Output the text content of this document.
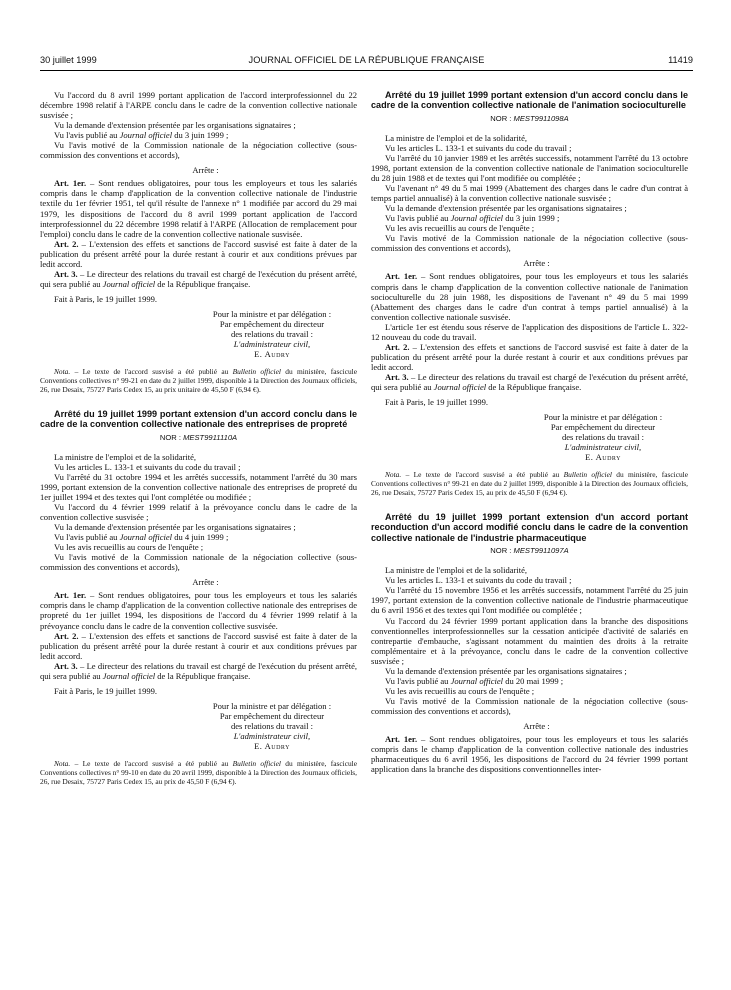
30 juillet 1999	JOURNAL OFFICIEL DE LA RÉPUBLIQUE FRANÇAISE	11419

Vu l'accord du 8 avril 1999 portant application de l'accord interprofessionnel du 22 décembre 1998 relatif à l'ARPE conclu dans le cadre de la convention collective nationale susvisée ;

Vu la demande d'extension présentée par les organisations signataires ;

Vu l'avis publié au Journal officiel du 3 juin 1999 ;

Vu l'avis motivé de la Commission nationale de la négociation collective (sous-commission des conventions et accords),

Arrête :

Art. 1er. – Sont rendues obligatoires, pour tous les employeurs et tous les salariés compris dans le champ d'application de la convention collective nationale de l'industrie textile du 1er février 1951, tel qu'il résulte de l'annexe n° 1 modifiée par accord du 29 mai 1979, les dispositions de l'accord du 8 avril 1999 portant application de l'accord interprofessionnel du 22 décembre 1998 relatif à l'ARPE (Allocation de remplacement pour l'emploi) conclu dans le cadre de la convention collective nationale susvisée.

Art. 2. – L'extension des effets et sanctions de l'accord susvisé est faite à dater de la publication du présent arrêté pour la durée restant à courir et aux conditions prévues par ledit accord.

Art. 3. – Le directeur des relations du travail est chargé de l'exécution du présent arrêté, qui sera publié au Journal officiel de la République française.

Fait à Paris, le 19 juillet 1999.

Pour la ministre et par délégation :
Par empêchement du directeur
des relations du travail :
L'administrateur civil,
E. Audry

Nota. – Le texte de l'accord susvisé a été publié au Bulletin officiel du ministère, fascicule Conventions collectives n° 99-21 en date du 2 juillet 1999, disponible à la Direction des Journaux officiels, 26, rue Desaix, 75727 Paris Cedex 15, au prix unitaire de 45,50 F (6,94 €).

Arrêté du 19 juillet 1999 portant extension d'un accord conclu dans le cadre de la convention collective nationale des entreprises de propreté

NOR : MESТ9911110A

La ministre de l'emploi et de la solidarité,

Vu les articles L. 133-1 et suivants du code du travail ;

Vu l'arrêté du 31 octobre 1994 et les arrêtés successifs, notamment l'arrêté du 30 mars 1999, portant extension de la convention collective nationale des entreprises de propreté du 1er juillet 1994 et des textes qui l'ont complétée ou modifiée ;

Vu l'accord du 4 février 1999 relatif à la prévoyance conclu dans le cadre de la convention collective susvisée ;

Vu la demande d'extension présentée par les organisations signataires ;

Vu l'avis publié au Journal officiel du 4 juin 1999 ;

Vu les avis recueillis au cours de l'enquête ;

Vu l'avis motivé de la Commission nationale de la négociation collective (sous-commission des conventions et accords),

Arrête :

Art. 1er. – Sont rendues obligatoires, pour tous les employeurs et tous les salariés compris dans le champ d'application de la convention collective nationale des entreprises de propreté du 1er juillet 1994, les dispositions de l'accord du 4 février 1999 relatif à la prévoyance conclu dans le cadre de la convention collective susvisée.

Art. 2. – L'extension des effets et sanctions de l'accord susvisé est faite à dater de la publication du présent arrêté pour la durée restant à courir et aux conditions prévues par ledit accord.

Art. 3. – Le directeur des relations du travail est chargé de l'exécution du présent arrêté, qui sera publié au Journal officiel de la République française.

Fait à Paris, le 19 juillet 1999.

Pour la ministre et par délégation :
Par empêchement du directeur
des relations du travail :
L'administrateur civil,
E. Audry

Nota. – Le texte de l'accord susvisé a été publié au Bulletin officiel du ministère, fascicule Conventions collectives n° 99-10 en date du 20 avril 1999, disponible à la Direction des Journaux officiels, 26, rue Desaix, 75727 Paris Cedex 15, au prix de 45,50 F (6,94 €).

Arrêté du 19 juillet 1999 portant extension d'un accord conclu dans le cadre de la convention collective nationale de l'animation socioculturelle

NOR : MEST9911098A

La ministre de l'emploi et de la solidarité,

Vu les articles L. 133-1 et suivants du code du travail ;

Vu l'arrêté du 10 janvier 1989 et les arrêtés successifs, notamment l'arrêté du 13 octobre 1998, portant extension de la convention collective nationale de l'animation socioculturelle du 28 juin 1988 et de textes qui l'ont modifiée ou complétée ;

Vu l'avenant n° 49 du 5 mai 1999 (Abattement des charges dans le cadre d'un contrat à temps partiel annualisé) à la convention collective nationale susvisée ;

Vu la demande d'extension présentée par les organisations signataires ;

Vu l'avis publié au Journal officiel du 3 juin 1999 ;

Vu les avis recueillis au cours de l'enquête ;

Vu l'avis motivé de la Commission nationale de la négociation collective (sous-commission des conventions et accords),

Arrête :

Art. 1er. – Sont rendues obligatoires, pour tous les employeurs et tous les salariés compris dans le champ d'application de la convention collective nationale de l'animation socioculturelle du 28 juin 1988, les dispositions de l'avenant n° 49 du 5 mai 1999 (Abattement des charges dans le cadre d'un contrat à temps partiel annualisé) à la convention collective nationale susvisée.

L'article 1er est étendu sous réserve de l'application des dispositions de l'article L. 322-12 nouveau du code du travail.

Art. 2. – L'extension des effets et sanctions de l'accord susvisé est faite à dater de la publication du présent arrêté pour la durée restant à courir et aux conditions prévues par ledit accord.

Art. 3. – Le directeur des relations du travail est chargé de l'exécution du présent arrêté, qui sera publié au Journal officiel de la République française.

Fait à Paris, le 19 juillet 1999.

Pour la ministre et par délégation :
Par empêchement du directeur
des relations du travail :
L'administrateur civil,
E. Audry

Nota. – Le texte de l'accord susvisé a été publié au Bulletin officiel du ministère, fascicule Conventions collectives n° 99-21 en date du 2 juillet 1999, disponible à la Direction des Journaux officiels, 26, rue Desaix, 75727 Paris Cedex 15, au prix de 45,50 F (6,94 €).

Arrêté du 19 juillet 1999 portant extension d'un accord portant reconduction d'un accord modifié conclu dans le cadre de la convention collective nationale de l'industrie pharmaceutique

NOR : MEST9911097A

La ministre de l'emploi et de la solidarité,

Vu les articles L. 133-1 et suivants du code du travail ;

Vu l'arrêté du 15 novembre 1956 et les arrêtés successifs, notamment l'arrêté du 25 juin 1997, portant extension de la convention collective nationale de l'industrie pharmaceutique du 6 avril 1956 et des textes qui l'ont modifiée ou complétée ;

Vu l'accord du 24 février 1999 portant application dans la branche des dispositions conventionnelles interprofessionnelles sur la cessation anticipée d'activité de salariés en contrepartie d'embauche, s'agissant notamment du maintien des droits à la retraite complémentaire et à la prévoyance, conclu dans le cadre de la convention collective susvisée ;

Vu la demande d'extension présentée par les organisations signataires ;

Vu l'avis publié au Journal officiel du 20 mai 1999 ;

Vu les avis recueillis au cours de l'enquête ;

Vu l'avis motivé de la Commission nationale de la négociation collective (sous-commission des conventions et accords),

Arrête :

Art. 1er. – Sont rendues obligatoires, pour tous les employeurs et tous les salariés compris dans le champ d'application de la convention collective nationale des industries pharmaceutiques du 6 avril 1956, les dispositions de l'accord du 24 février 1999 portant application dans la branche des dispositions conventionnelles inter-
